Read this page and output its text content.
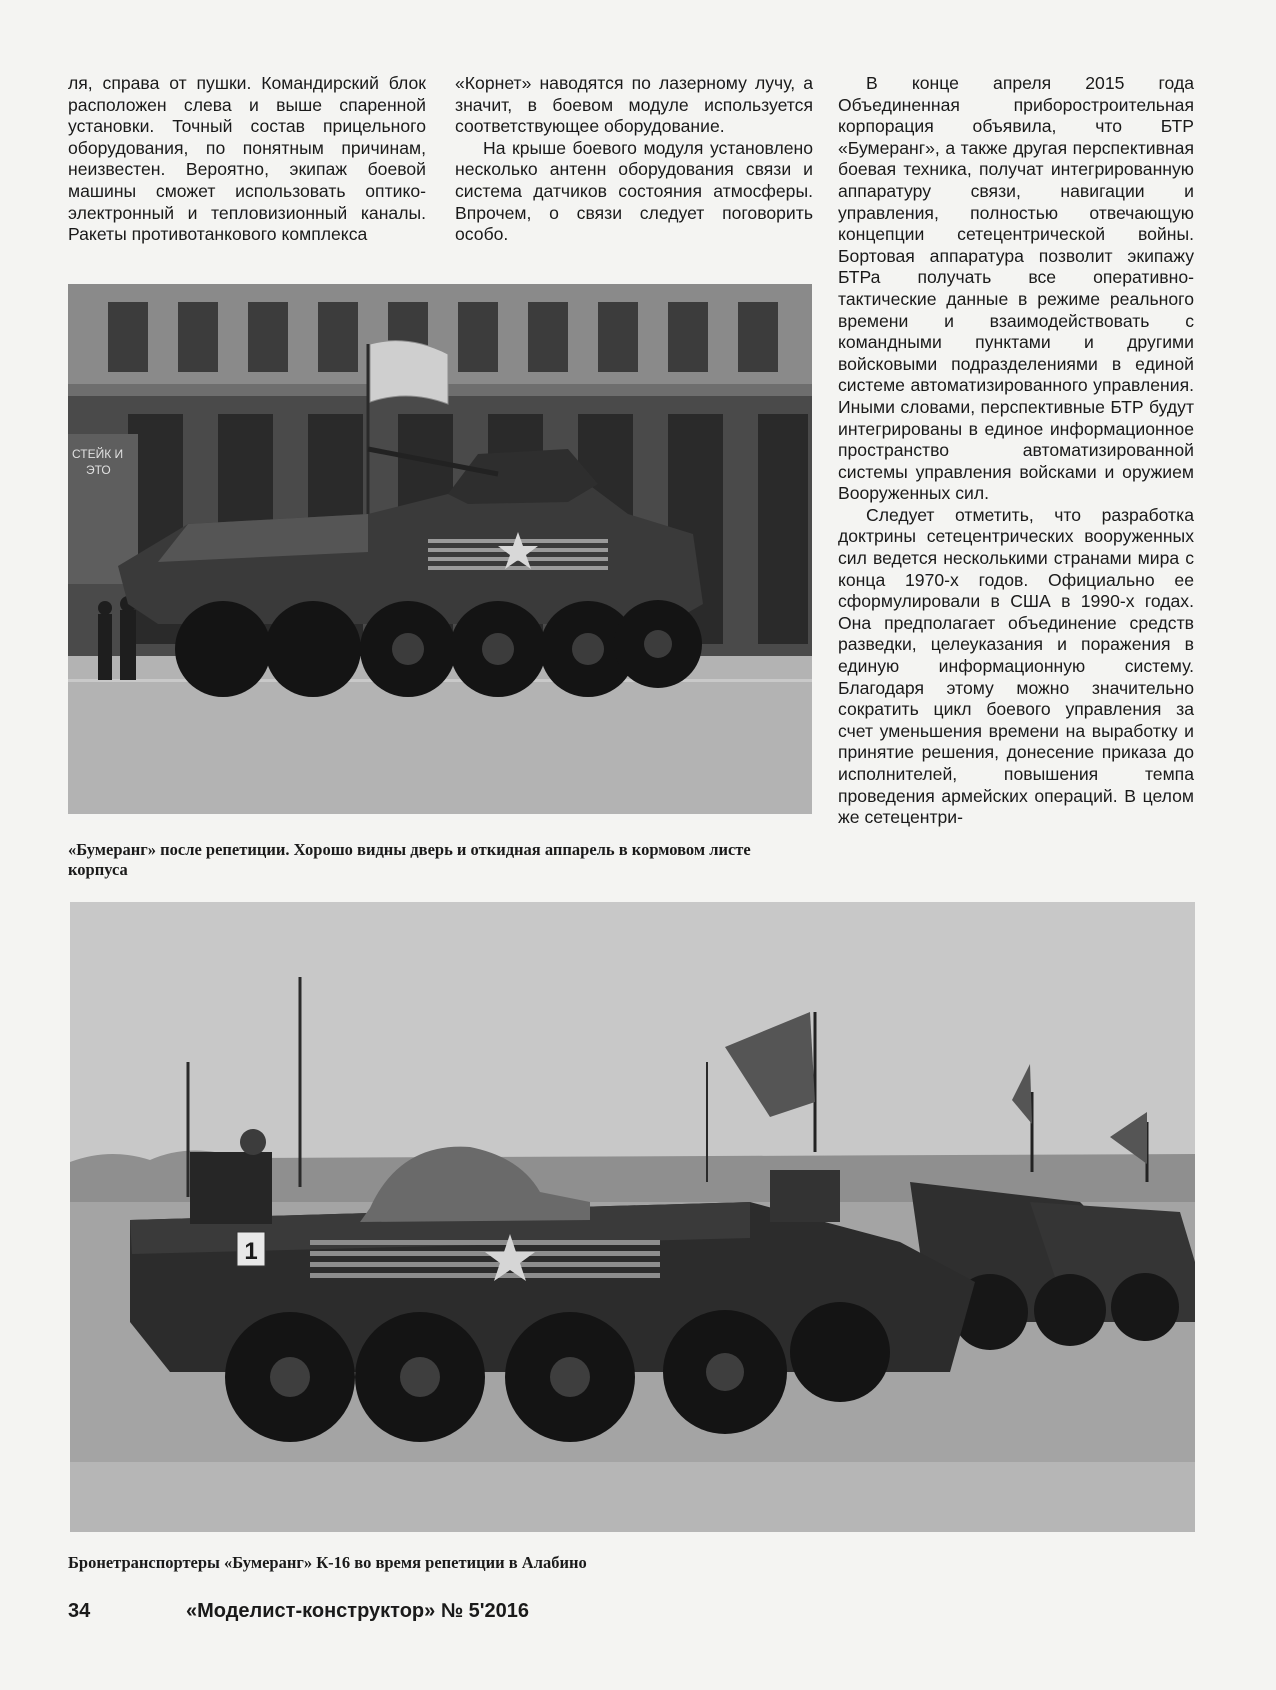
ля, справа от пушки. Командирский блок расположен слева и выше спаренной установки. Точный состав прицельного оборудования, по понятным причинам, неизвестен. Вероятно, экипаж боевой машины сможет использовать оптико-электронный и тепловизионный каналы. Ракеты противотанкового комплекса

«Корнет» наводятся по лазерному лучу, а значит, в боевом модуле используется соответствующее оборудование.

На крыше боевого модуля установлено несколько антенн оборудования связи и система датчиков состояния атмосферы. Впрочем, о связи следует поговорить особо.

В конце апреля 2015 года Объединенная приборостроительная корпорация объявила, что БТР «Бумеранг», а также другая перспективная боевая техника, получат интегрированную аппаратуру связи, навигации и управления, полностью отвечающую концепции сетецентрической войны. Бортовая аппаратура позволит экипажу БТРа получать все оперативно-тактические данные в режиме реального времени и взаимодействовать с командными пунктами и другими войсковыми подразделениями в единой системе автоматизированного управления. Иными словами, перспективные БТР будут интегрированы в единое информационное пространство автоматизированной системы управления войсками и оружием Вооруженных сил.

Следует отметить, что разработка доктрины сетецентрических вооруженных сил ведется несколькими странами мира с конца 1970-х годов. Официально ее сформулировали в США в 1990-х годах. Она предполагает объединение средств разведки, целеуказания и поражения в единую информационную систему. Благодаря этому можно значительно сократить цикл боевого управления за счет уменьшения времени на выработку и принятие решения, донесение приказа до исполнителей, повышения темпа проведения армейских операций. В целом же сетецентри-

СТЕЙК И
ЭТО
«Бумеранг» после репетиции. Хорошо видны дверь и откидная аппарель в кормовом листе корпуса
1
Бронетранспортеры «Бумеранг» К-16 во время репетиции в Алабино
34	«Моделист-конструктор» № 5'2016
